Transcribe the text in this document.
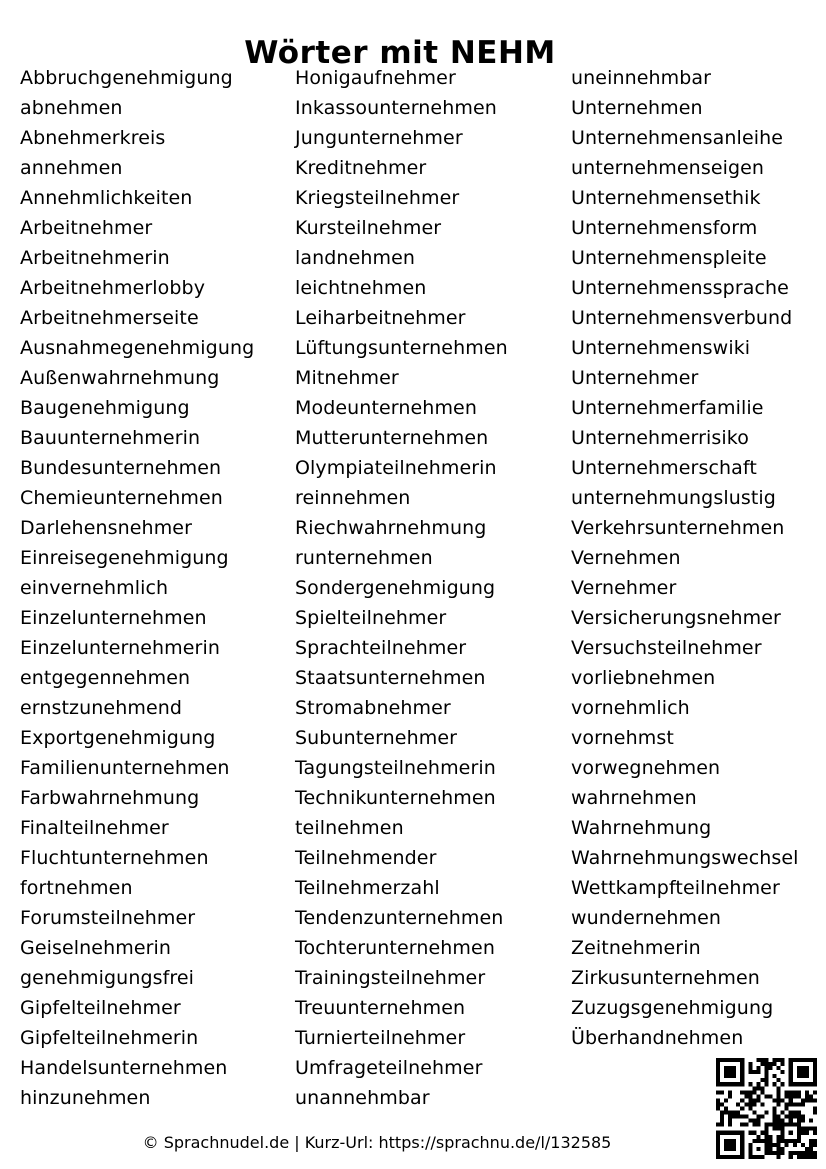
Wörter mit NEHM
Abbruchgenehmigung
abnehmen
Abnehmerkreis
annehmen
Annehmlichkeiten
Arbeitnehmer
Arbeitnehmerin
Arbeitnehmerlobby
Arbeitnehmerseite
Ausnahmegenehmigung
Außenwahrnehmung
Baugenehmigung
Bauunternehmerin
Bundesunternehmen
Chemieunternehmen
Darlehensnehmer
Einreisegenehmigung
einvernehmlich
Einzelunternehmen
Einzelunternehmerin
entgegennehmen
ernstzunehmend
Exportgenehmigung
Familienunternehmen
Farbwahrnehmung
Finalteilnehmer
Fluchtunternehmen
fortnehmen
Forumsteilnehmer
Geiselnehmerin
genehmigungsfrei
Gipfelteilnehmer
Gipfelteilnehmerin
Handelsunternehmen
hinzunehmen
Honigaufnehmer
Inkassounternehmen
Jungunternehmer
Kreditnehmer
Kriegsteilnehmer
Kursteilnehmer
landnehmen
leichtnehmen
Leiharbeitnehmer
Lüftungsunternehmen
Mitnehmer
Modeunternehmen
Mutterunternehmen
Olympiateilnehmerin
reinnehmen
Riechwahrnehmung
runternehmen
Sondergenehmigung
Spielteilnehmer
Sprachteilnehmer
Staatsunternehmen
Stromabnehmer
Subunternehmer
Tagungsteilnehmerin
Technikunternehmen
teilnehmen
Teilnehmender
Teilnehmerzahl
Tendenzunternehmen
Tochterunternehmen
Trainingsteilnehmer
Treuunternehmen
Turnierteilnehmer
Umfrageteilnehmer
unannehmbar
uneinnehmbar
Unternehmen
Unternehmensanleihe
unternehmenseigen
Unternehmensethik
Unternehmensform
Unternehmenspleite
Unternehmenssprache
Unternehmensverbund
Unternehmenswiki
Unternehmer
Unternehmerfamilie
Unternehmerrisiko
Unternehmerschaft
unternehmungslustig
Verkehrsunternehmen
Vernehmen
Vernehmer
Versicherungsnehmer
Versuchsteilnehmer
vorliebnehmen
vornehmlich
vornehmst
vorwegnehmen
wahrnehmen
Wahrnehmung
Wahrnehmungswechsel
Wettkampfteilnehmer
wundernehmen
Zeitnehmerin
Zirkusunternehmen
Zuzugsgenehmigung
Überhandnehmen
© Sprachnudel.de | Kurz-Url: https://sprachnu.de/l/132585
